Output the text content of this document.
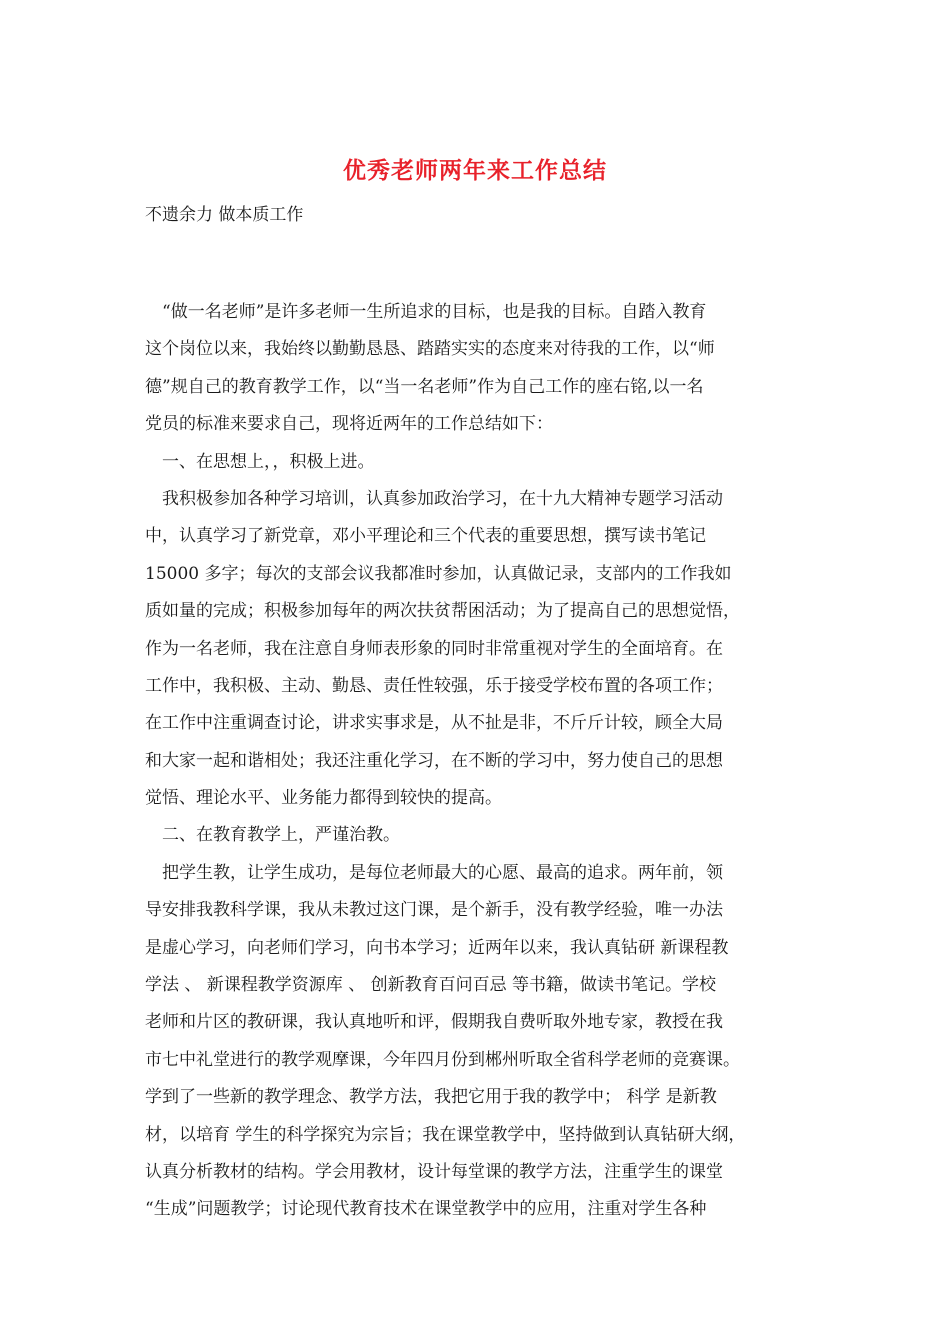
优秀老师两年来工作总结
不遗余力 做本质工作
“做一名老师”是许多老师一生所追求的目标，也是我的目标。自踏入教育
这个岗位以来，我始终以勤勤恳恳、踏踏实实的态度来对待我的工作，以“师
德”规自己的教育教学工作，以“当一名老师”作为自己工作的座右铭,以一名
党员的标准来要求自己，现将近两年的工作总结如下：
一、在思想上，，积极上进。
我积极参加各种学习培训，认真参加政治学习，在十九大精神专题学习活动
中，认真学习了新党章，邓小平理论和三个代表的重要思想，撰写读书笔记
15000 多字；每次的支部会议我都准时参加，认真做记录，支部内的工作我如
质如量的完成；积极参加每年的两次扶贫帮困活动；为了提高自己的思想觉悟，
作为一名老师，我在注意自身师表形象的同时非常重视对学生的全面培育。在
工作中，我积极、主动、勤恳、责任性较强，乐于接受学校布置的各项工作；
在工作中注重调查讨论，讲求实事求是，从不扯是非，不斤斤计较，顾全大局
和大家一起和谐相处；我还注重化学习，在不断的学习中，努力使自己的思想
觉悟、理论水平、业务能力都得到较快的提高。
二、在教育教学上，严谨治教。
把学生教，让学生成功，是每位老师最大的心愿、最高的追求。两年前，领
导安排我教科学课，我从未教过这门课，是个新手，没有教学经验，唯一办法
是虚心学习，向老师们学习，向书本学习；近两年以来，我认真钻研 新课程教
学法 、 新课程教学资源库 、 创新教育百问百忌 等书籍，做读书笔记。学校
老师和片区的教研课，我认真地听和评，假期我自费听取外地专家，教授在我
市七中礼堂进行的教学观摩课，今年四月份到郴州听取全省科学老师的竞赛课。
学到了一些新的教学理念、教学方法，我把它用于我的教学中； 科学 是新教
材，以培育 学生的科学探究为宗旨；我在课堂教学中，坚持做到认真钻研大纲，
认真分析教材的结构。学会用教材，设计每堂课的教学方法，注重学生的课堂
“生成”问题教学；讨论现代教育技术在课堂教学中的应用，注重对学生各种
